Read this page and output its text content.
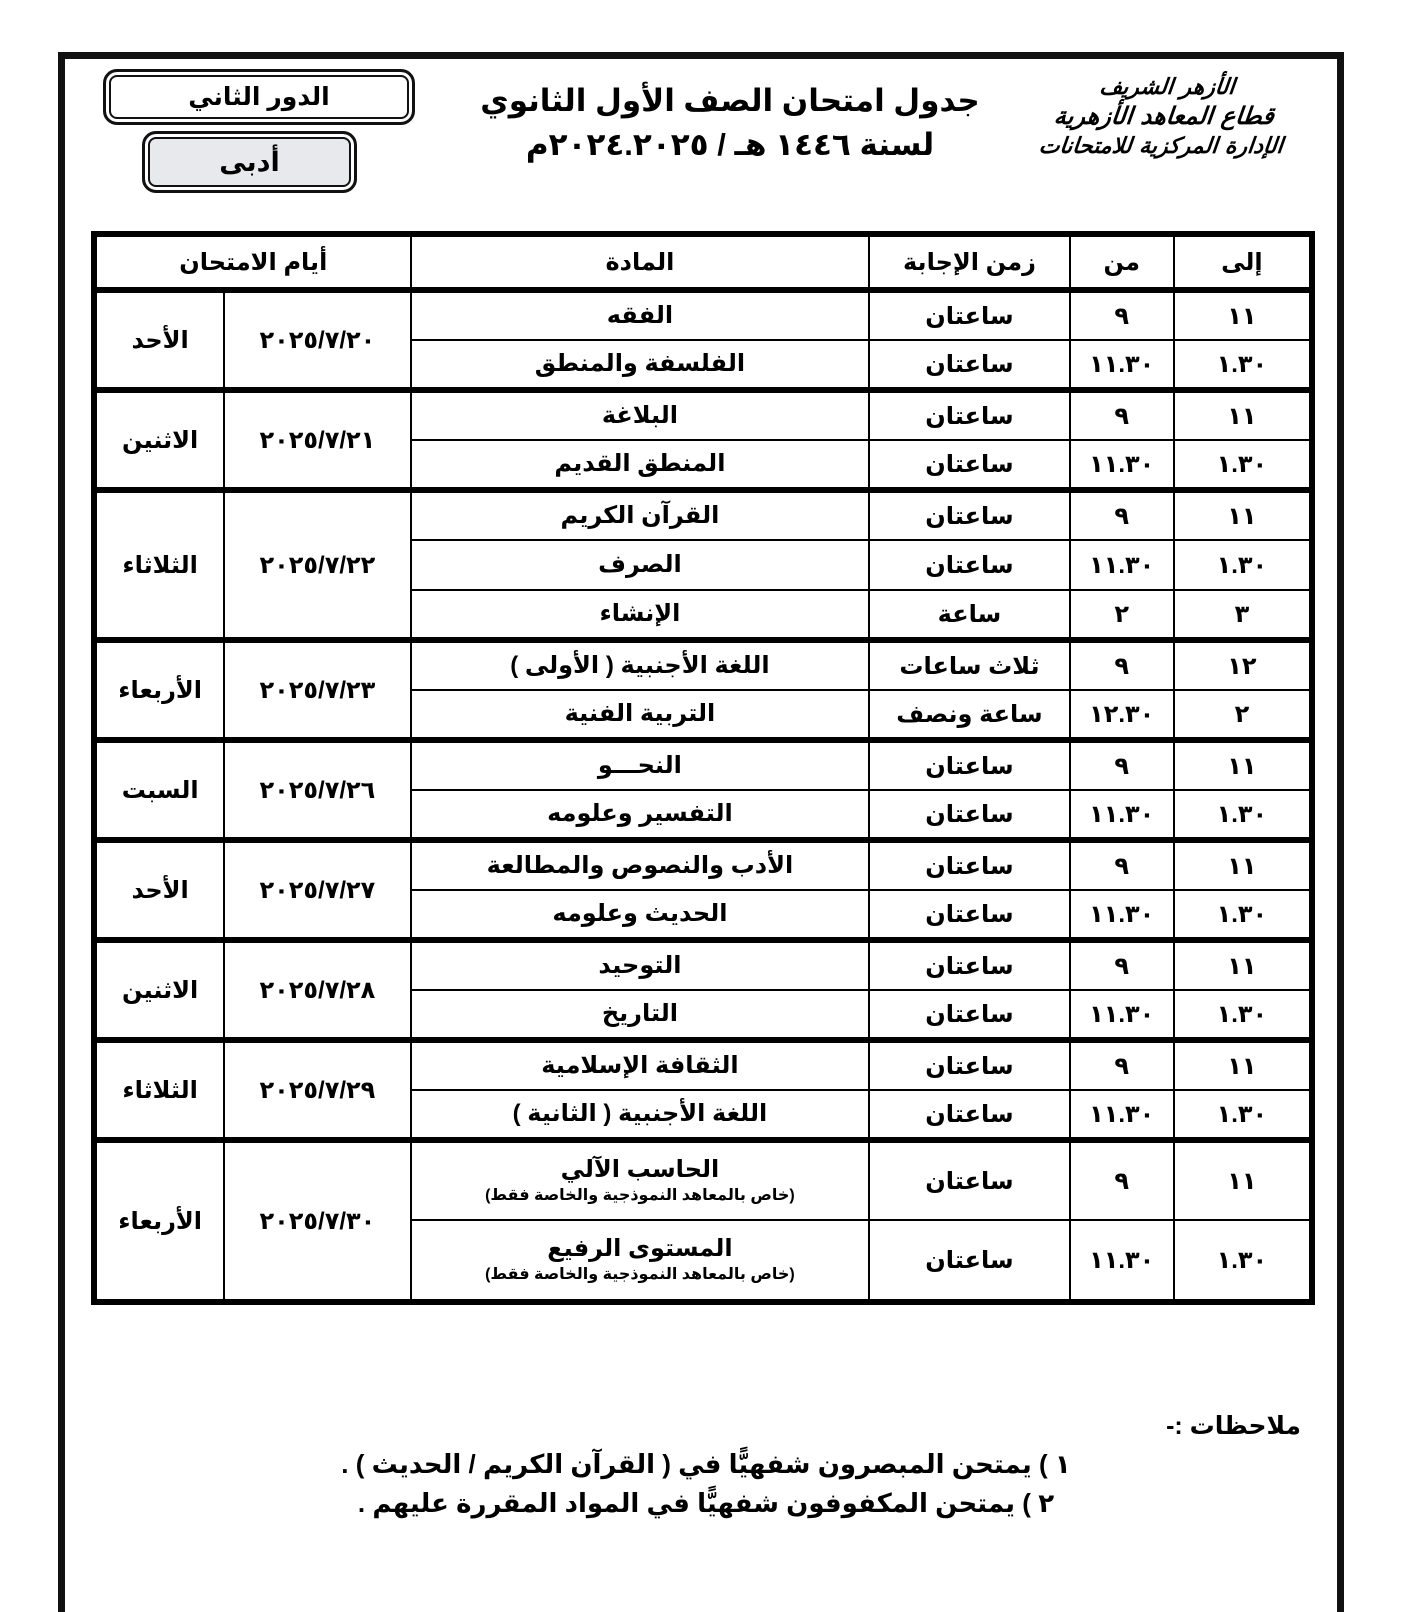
الدور الثاني
أدبى
جدول امتحان الصف الأول الثانوي
لسنة ١٤٤٦ هـ / ٢٠٢٤.٢٠٢٥م
الأزهر الشريف
قطاع المعاهد الأزهرية
الإدارة المركزية للامتحانات
إلى	من	زمن الإجابة	المادة	أيام الامتحان	
١١	٩	ساعتان	الفقه	٢٠٢٥/٧/٢٠	الأحد
١.٣٠	١١.٣٠	ساعتان	الفلسفة والمنطق		

١١	٩	ساعتان	البلاغة	٢٠٢٥/٧/٢١	الاثنين
١.٣٠	١١.٣٠	ساعتان	المنطق القديم		

١١	٩	ساعتان	القرآن الكريم	٢٠٢٥/٧/٢٢	الثلاثاء
١.٣٠	١١.٣٠	ساعتان	الصرف		

٣	٢	ساعة	الإنشاء		

١٢	٩	ثلاث ساعات	اللغة الأجنبية ( الأولى )	٢٠٢٥/٧/٢٣	الأربعاء
٢	١٢.٣٠	ساعة ونصف	التربية الفنية		

١١	٩	ساعتان	النحـــو	٢٠٢٥/٧/٢٦	السبت
١.٣٠	١١.٣٠	ساعتان	التفسير وعلومه		

١١	٩	ساعتان	الأدب والنصوص والمطالعة	٢٠٢٥/٧/٢٧	الأحد
١.٣٠	١١.٣٠	ساعتان	الحديث وعلومه		

١١	٩	ساعتان	التوحيد	٢٠٢٥/٧/٢٨	الاثنين
١.٣٠	١١.٣٠	ساعتان	التاريخ		

١١	٩	ساعتان	الثقافة الإسلامية	٢٠٢٥/٧/٢٩	الثلاثاء
١.٣٠	١١.٣٠	ساعتان	اللغة الأجنبية ( الثانية )		

١١	٩	ساعتان	الحاسب الآلي
(خاص بالمعاهد النموذجية والخاصة فقط)	٢٠٢٥/٧/٣٠	الأربعاء
١.٣٠	١١.٣٠	ساعتان	المستوى الرفيع
(خاص بالمعاهد النموذجية والخاصة فقط)		
ملاحظات :-
١ ) يمتحن المبصرون شفهيًّا في ( القرآن الكريم / الحديث ) .
٢ ) يمتحن المكفوفون شفهيًّا في المواد المقررة عليهم .
